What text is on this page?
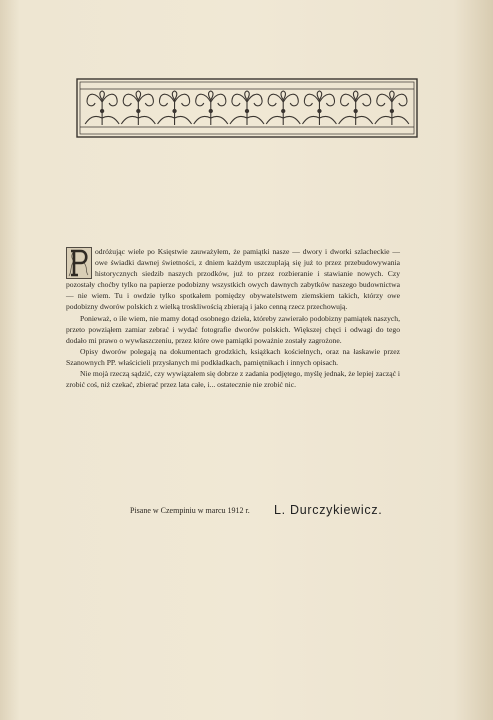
odróżując wiele po Księstwie zauważyłem, że pamiątki nasze — dwory i dworki szlacheckie — owe świadki dawnej świetności, z dniem każdym uszczuplają się już to przez przebudowywania historycznych siedzib naszych przodków, już to przez rozbieranie i stawianie nowych. Czy pozostały choćby tylko na papierze podobizny wszystkich owych dawnych zabytków naszego budownictwa — nie wiem. Tu i owdzie tylko spotkałem pomiędzy obywatelstwem ziemskiem takich, którzy owe podobizny dworów polskich z wielką troskliwością zbierają i jako cenną rzecz przechowują.

Ponieważ, o ile wiem, nie mamy dotąd osobnego dzieła, któreby zawierało podobizny pamiątek naszych, przeto powziąłem zamiar zebrać i wydać fotografie dworów polskich. Większej chęci i odwagi do tego dodało mi prawo o wywłaszczeniu, przez które owe pamiątki poważnie zostały zagrożone.

Opisy dworów polegają na dokumentach grodzkich, książkach kościelnych, oraz na łaskawie przez Szanownych PP. właścicieli przysłanych mi podkładkach, pamiętnikach i innych opisach.

Nie mojà rzeczą sądzić, czy wywiązałem się dobrze z zadania podjętego, myślę jednak, że lepiej zacząć i zrobić coś, niż czekać, zbierać przez lata całe, i... ostatecznie nie zrobić nic.

Pisane w Czempiniu w marcu 1912 r. L. Durczykiewicz.
